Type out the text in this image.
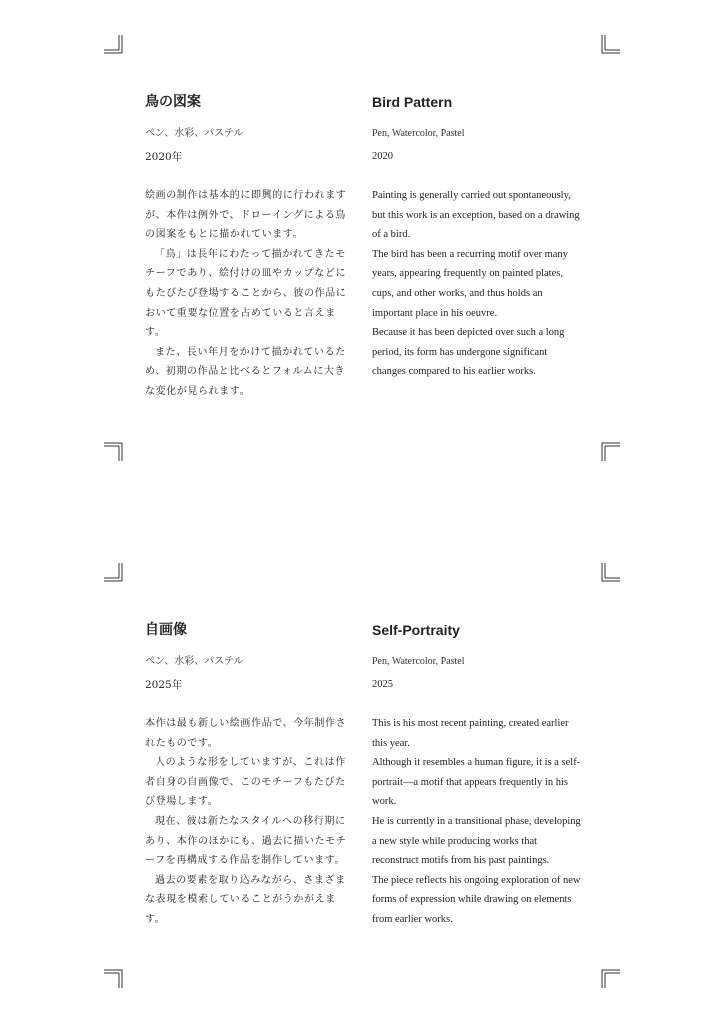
鳥の図案
ペン、水彩、パステル
2020年

絵画の制作は基本的に即興的に行われますが、本作は例外で、ドローイングによる鳥の図案をもとに描かれています。

「鳥」は長年にわたって描かれてきたモチーフであり、絵付けの皿やカップなどにもたびたび登場することから、彼の作品において重要な位置を占めていると言えます。

また、長い年月をかけて描かれているため、初期の作品と比べるとフォルムに大きな変化が見られます。

Bird Pattern
Pen, Watercolor, Pastel
2020

Painting is generally carried out spontaneously, but this work is an exception, based on a drawing of a bird.

The bird has been a recurring motif over many years, appearing frequently on painted plates, cups, and other works, and thus holds an important place in his oeuvre.

Because it has been depicted over such a long period, its form has undergone significant changes compared to his earlier works.

自画像
ペン、水彩、パステル
2025年

本作は最も新しい絵画作品で、今年制作されたものです。

人のような形をしていますが、これは作者自身の自画像で、このモチーフもたびたび登場します。

現在、彼は新たなスタイルへの移行期にあり、本作のほかにも、過去に描いたモチーフを再構成する作品を制作しています。

過去の要素を取り込みながら、さまざまな表現を模索していることがうかがえます。

Self-Portraity
Pen, Watercolor, Pastel
2025

This is his most recent painting, created earlier this year.

Although it resembles a human figure, it is a self-portrait—a motif that appears frequently in his work.

He is currently in a transitional phase, developing a new style while producing works that reconstruct motifs from his past paintings.

The piece reflects his ongoing exploration of new forms of expression while drawing on elements from earlier works.
